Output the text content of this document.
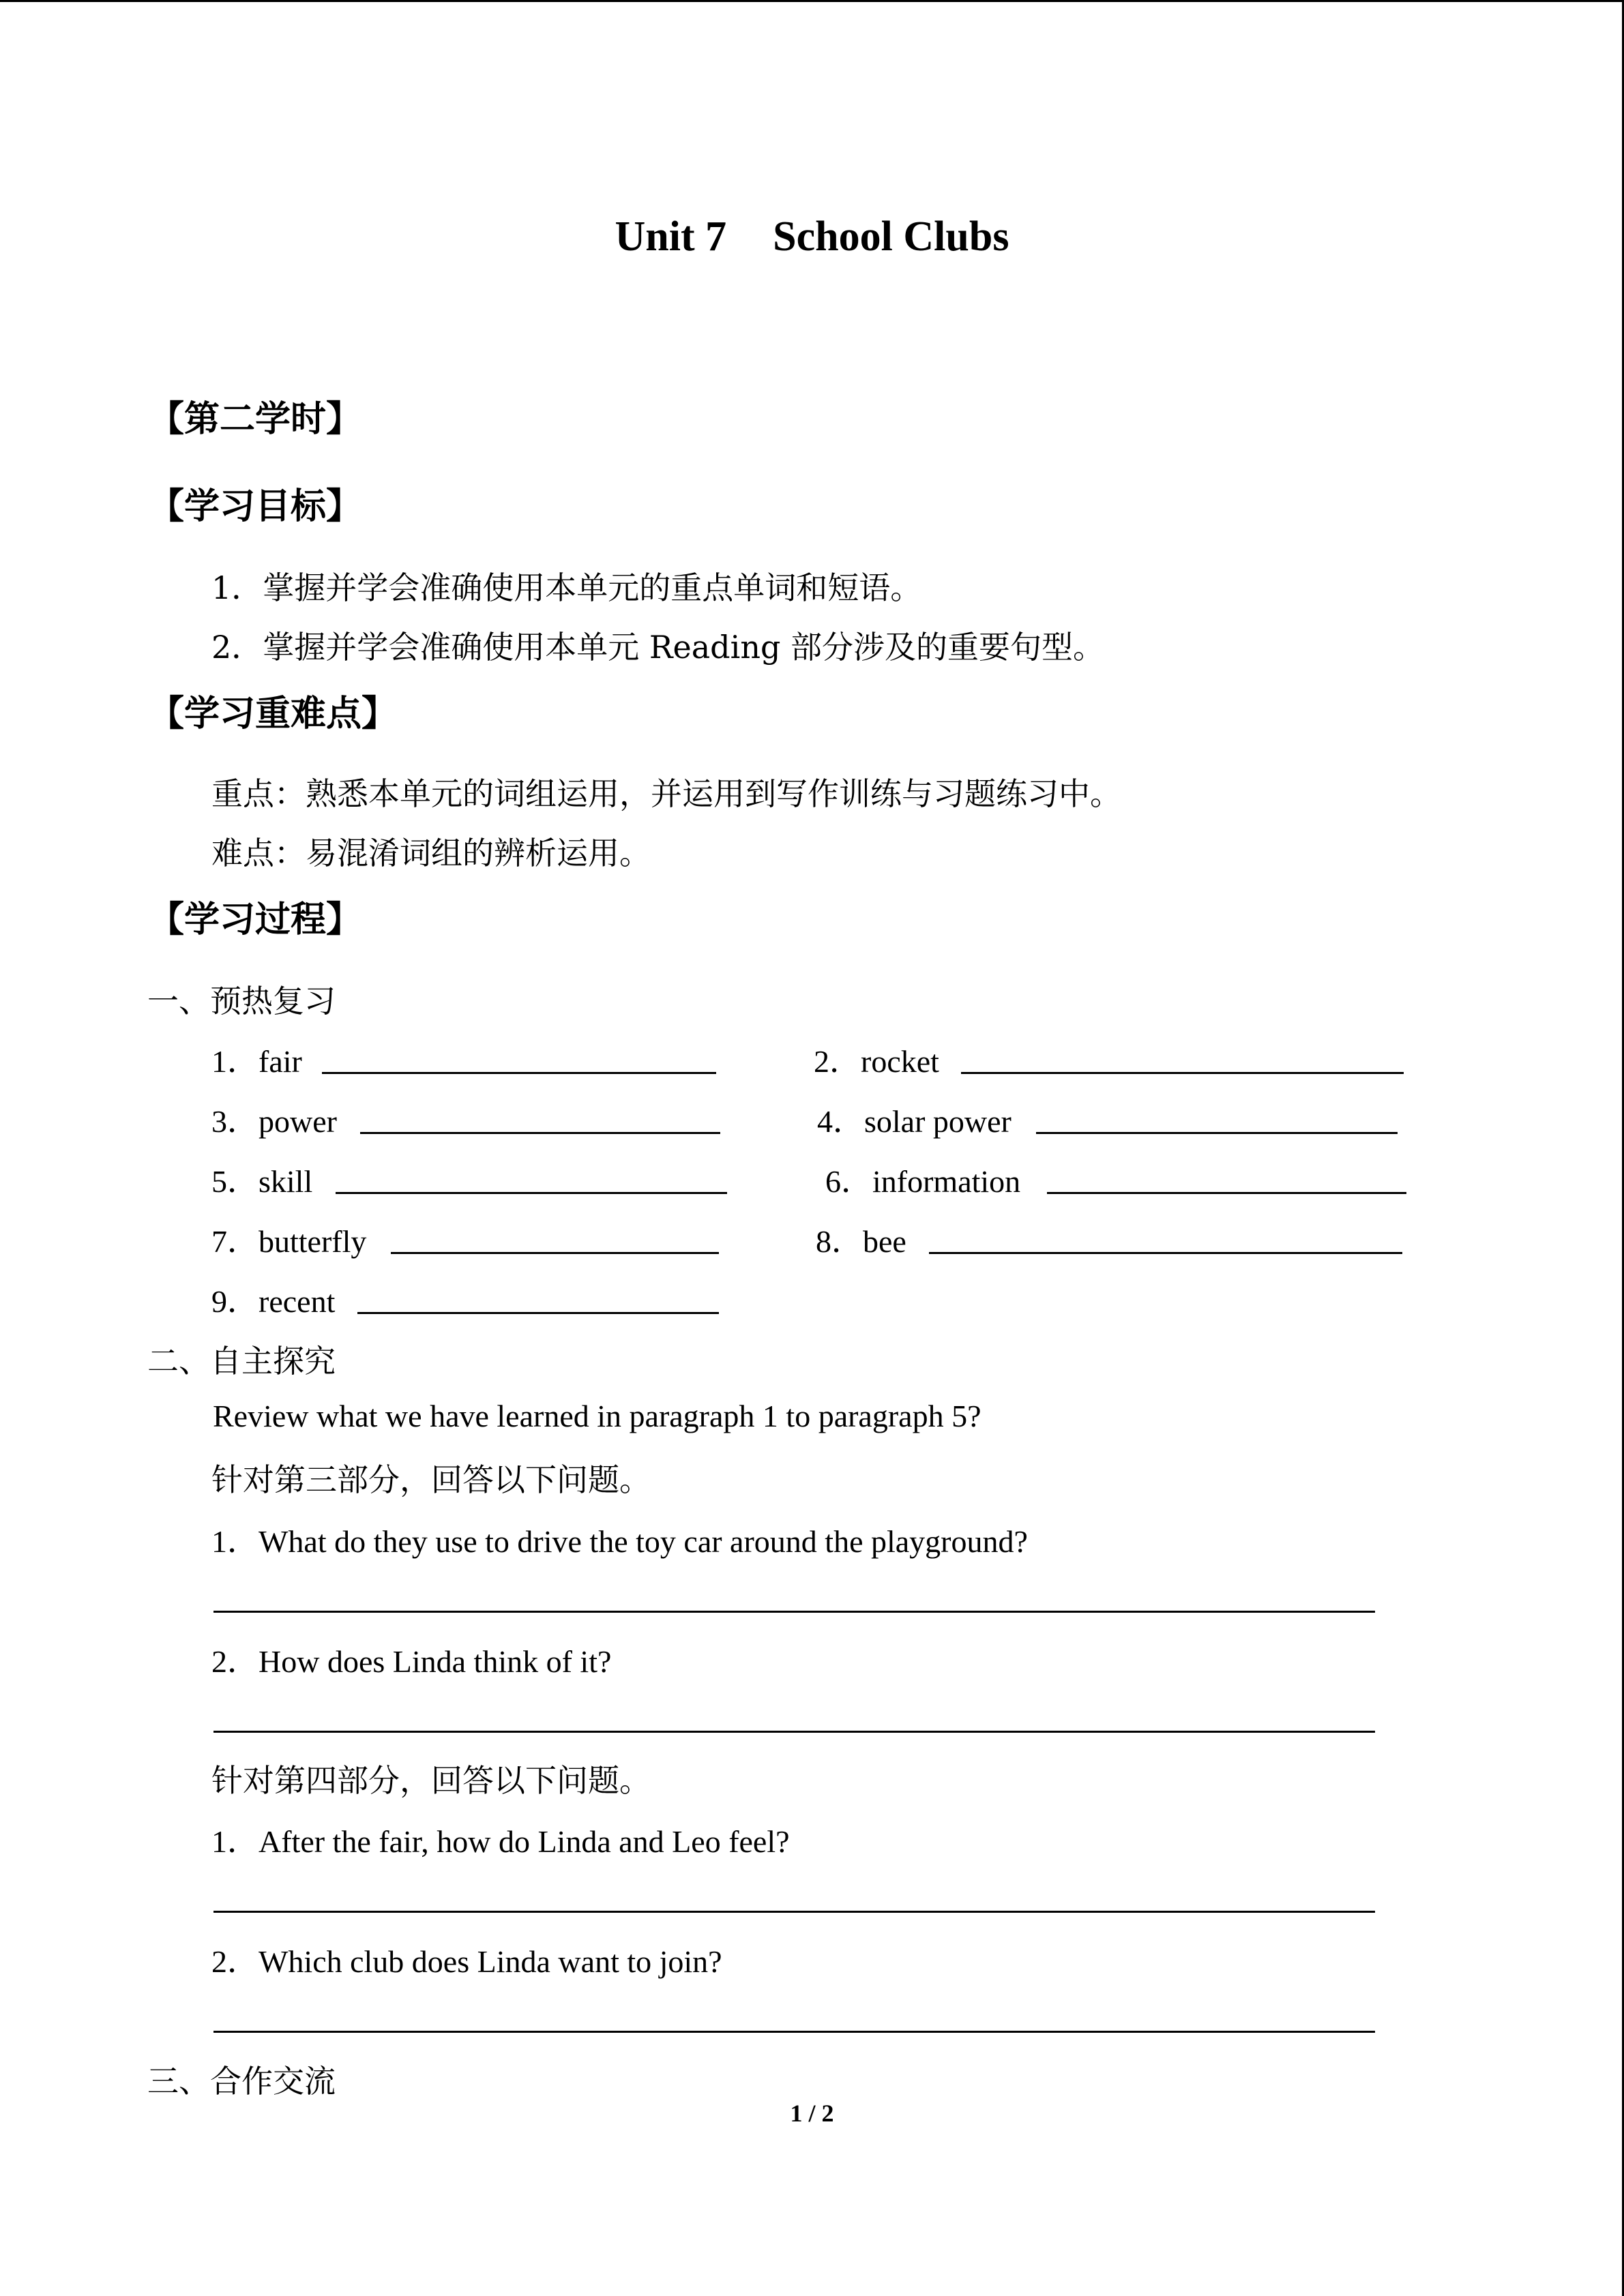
Unit 7 School Clubs
【第二学时】
【学习目标】
1．掌握并学会准确使用本单元的重点单词和短语。
2．掌握并学会准确使用本单元 Reading 部分涉及的重要句型。
【学习重难点】
重点：熟悉本单元的词组运用，并运用到写作训练与习题练习中。
难点：易混淆词组的辨析运用。
【学习过程】
一、预热复习
1．fair	2．rocket
3．power	4．solar power
5．skill	6．information
7．butterfly	8．bee
9．recent
二、自主探究
Review what we have learned in paragraph 1 to paragraph 5?
针对第三部分，回答以下问题。
1．What do they use to drive the toy car around the playground?
2．How does Linda think of it?
针对第四部分，回答以下问题。
1．After the fair, how do Linda and Leo feel?
2．Which club does Linda want to join?
三、合作交流
1 / 2
